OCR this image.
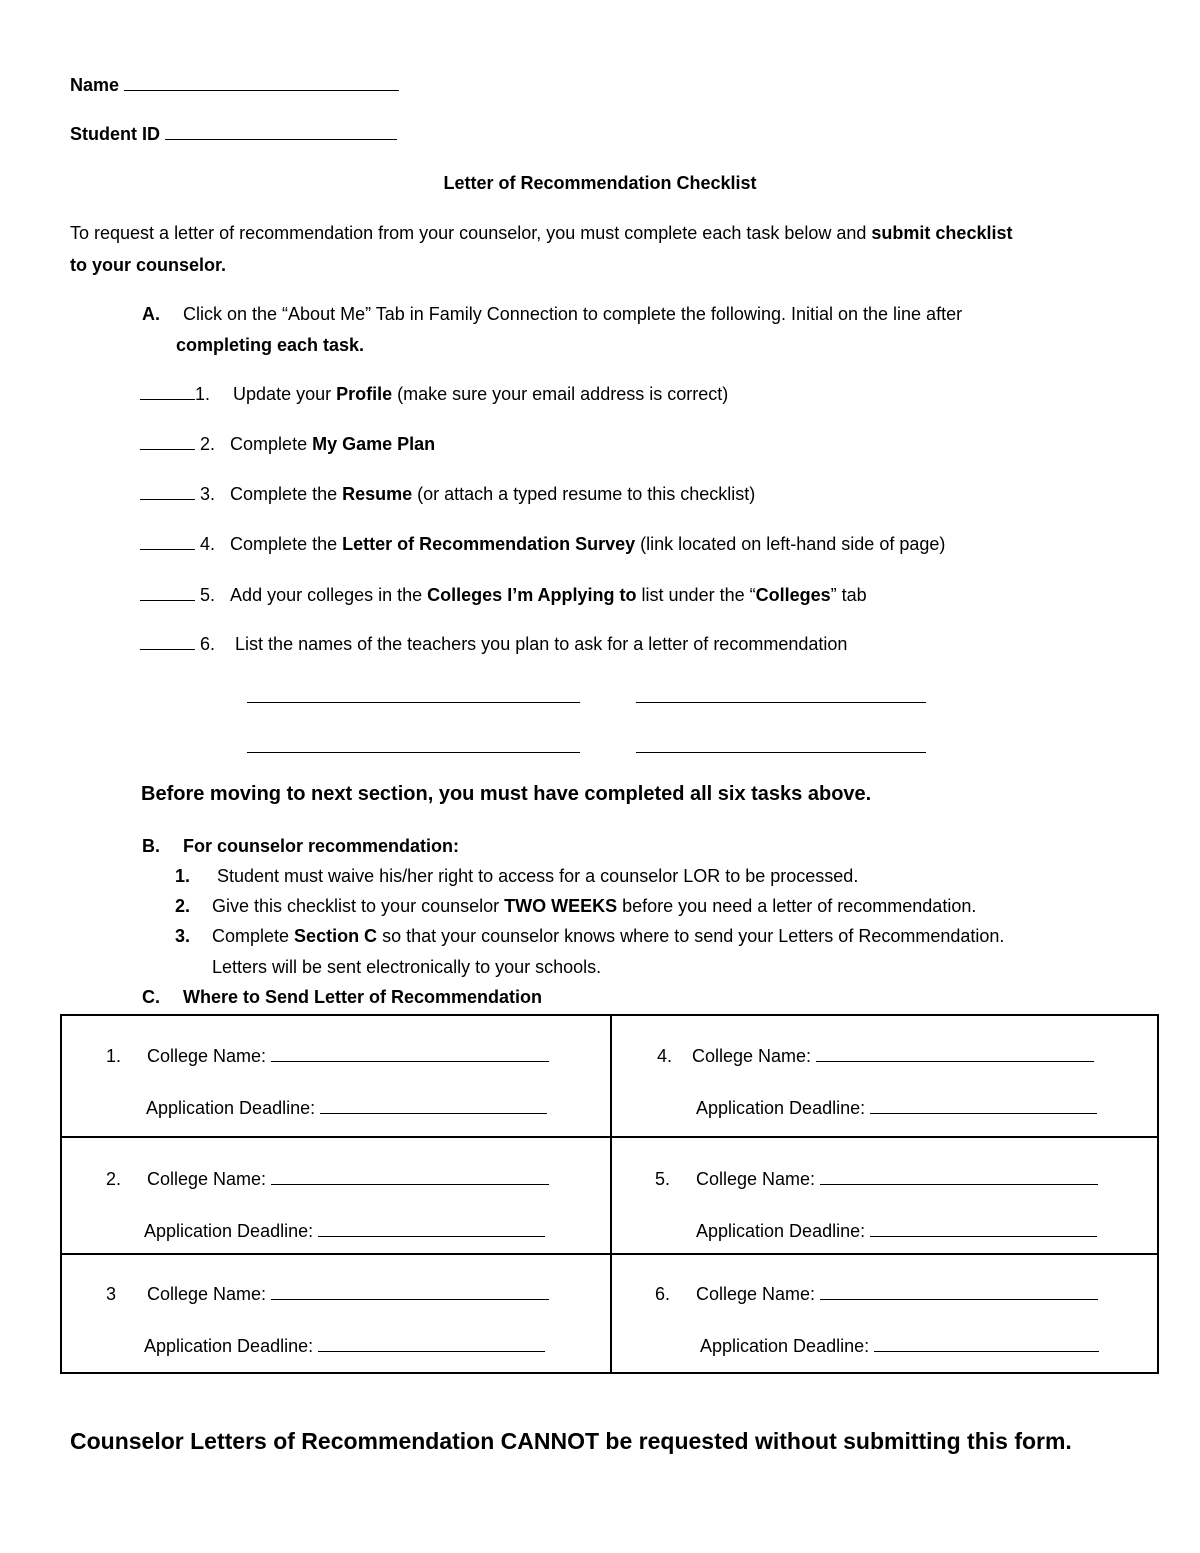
Name
Student ID
Letter of Recommendation Checklist
To request a letter of recommendation from your counselor, you must complete each task below and submit checklist
to your counselor.
A. Click on the “About Me” Tab in Family Connection to complete the following. Initial on the line after
completing each task.
1. Update your Profile (make sure your email address is correct)
2. Complete My Game Plan
3. Complete the Resume (or attach a typed resume to this checklist)
4. Complete the Letter of Recommendation Survey (link located on left-hand side of page)
5. Add your colleges in the Colleges I’m Applying to list under the “Colleges” tab
6.  List the names of the teachers you plan to ask for a letter of recommendation
Before moving to next section, you must have completed all six tasks above.
B. For counselor recommendation:
1. Student must waive his/her right to access for a counselor LOR to be processed.
2. Give this checklist to your counselor TWO WEEKS before you need a letter of recommendation.
3. Complete Section C so that your counselor knows where to send your Letters of Recommendation.
Letters will be sent electronically to your schools.
C. Where to Send Letter of Recommendation
1. College Name:
Application Deadline:
4. College Name:
Application Deadline:
2. College Name:
Application Deadline:
5. College Name:
Application Deadline:
3 College Name:
Application Deadline:
6. College Name:
Application Deadline:
Counselor Letters of Recommendation CANNOT be requested without submitting this form.
